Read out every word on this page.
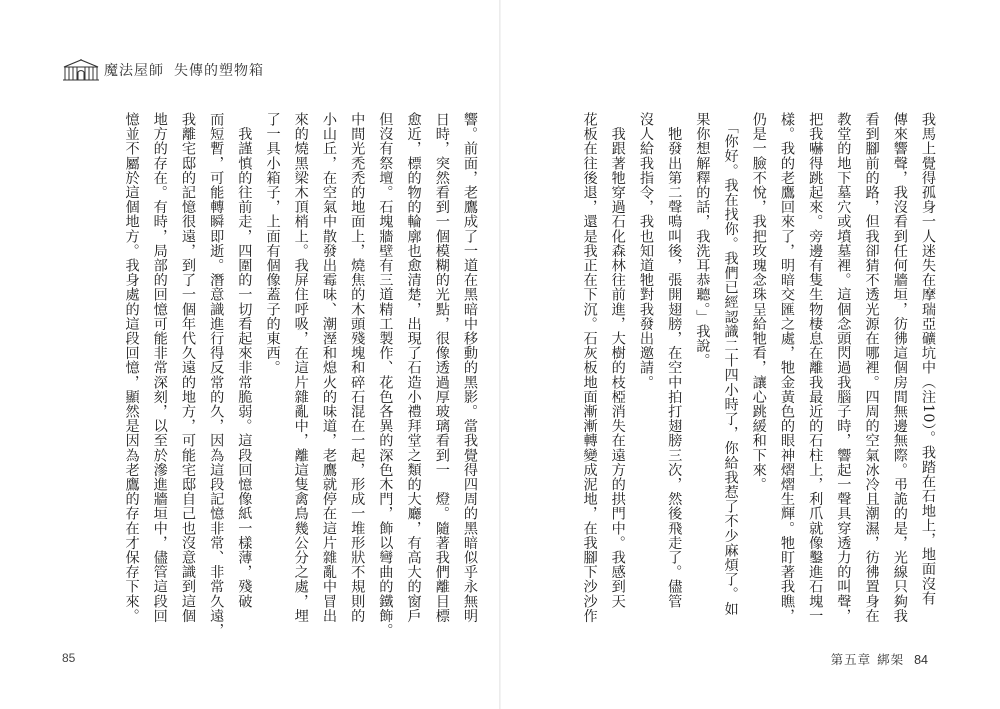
魔法屋師 失傳的塑物箱
響。前面，老鷹成了一道在黑暗中移動的黑影。當我覺得四周的黑暗似乎永無明
日時，突然看到一個模糊的光點，很像透過厚玻璃看到一　燈。隨著我們離目標
愈近，標的物的輪廓也愈清楚，出現了石造小禮拜堂之類的大廳，有高大的窗戶
但沒有祭壇。石塊牆壁有三道精工製作、花色各異的深色木門，飾以彎曲的鐵飾。
中間光禿禿的地面上，燒焦的木頭殘塊和碎石混在一起，形成一堆形狀不規則的
小山丘，在空氣中散發出霉味、潮溼和熄火的味道，老鷹就停在這片雜亂中冒出
來的燒黑梁木頂梢上。我屏住呼吸，在這片雜亂中，離這隻禽鳥幾公分之處，埋
了一具小箱子，上面有個像蓋子的東西。
　我謹慎的往前走，四圍的一切看起來非常脆弱。這段回憶像紙一樣薄，殘破
而短暫，可能轉瞬即逝。潛意識進行得反常的久，因為這段記憶非常、非常久遠，
我離宅邸的記憶很遠，到了一個年代久遠的地方，可能宅邸自己也沒意識到這個
地方的存在。有時，局部的回憶可能非常深刻，以至於滲進牆垣中，儘管這段回
憶並不屬於這個地方。我身處的這段回憶，顯然是因為老鷹的存在才保存下來。	我馬上覺得孤身一人迷失在摩瑞亞礦坑中（注10）。我踏在石地上，地面沒有
傳來響聲，我沒看到任何牆垣，彷彿這個房間無邊無際。弔詭的是，光線只夠我
看到腳前的路，但我卻猜不透光源在哪裡。四周的空氣冰冷且潮濕，彷彿置身在
教堂的地下墓穴或墳墓裡。這個念頭閃過我腦子時，響起一聲具穿透力的叫聲，
把我嚇得跳起來。旁邊有隻生物棲息在離我最近的石柱上，利爪就像鑿進石塊一
樣。我的老鷹回來了，明暗交匯之處，牠金黃色的眼神熠熠生輝。牠盯著我瞧，
仍是一臉不悅，我把玫瑰念珠呈給牠看，讓心跳緩和下來。
　「你好。我在找你。我們已經認識二十四小時了，你給我惹了不少麻煩了。如
果你想解釋的話，我洗耳恭聽。」我說。
　牠發出第二聲鳴叫後，張開翅膀，在空中拍打翅膀三次，然後飛走了。儘管
沒人給我指令，我也知道牠對我發出邀請。
　我跟著牠穿過石化森林往前進，大樹的枝椏消失在遠方的拱門中。我感到天
花板在往後退，還是我正在下沉。石灰板地面漸漸轉變成泥地，在我腳下沙沙作
85	第五章 綁架 84
